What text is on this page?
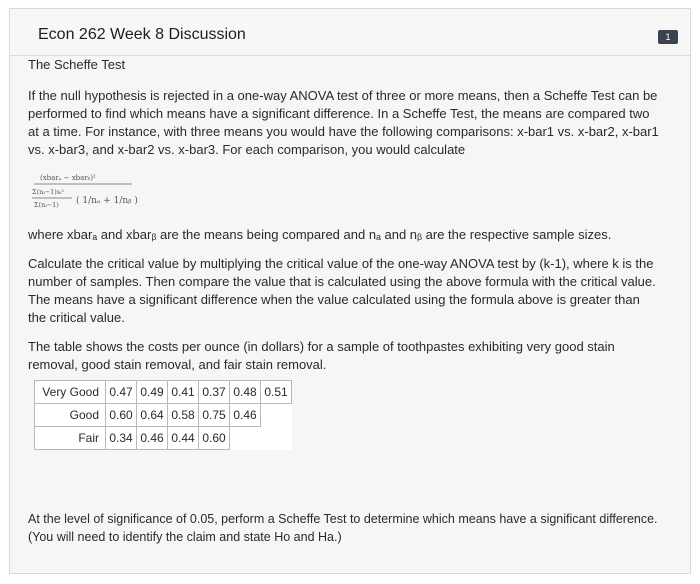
Econ 262 Week 8 Discussion	1
The Scheffe Test

If the null hypothesis is rejected in a one-way ANOVA test of three or more means, then a Scheffe Test can be performed to find which means have a significant difference. In a Scheffe Test, the means are compared two at a time. For instance, with three means you would have the following comparisons: x-bar1 vs. x-bar2, x-bar1 vs. x-bar3, and x-bar2 vs. x-bar3. For each comparison, you would calculate

(xbarₐ − xbarᵦ)²
Σ(nᵢ−1)sᵢ²
Σ(nᵢ−1) ( 1/nₐ + 1/nᵦ )

where xbarₐ and xbarᵦ are the means being compared and nₐ and nᵦ are the respective sample sizes.

Calculate the critical value by multiplying the critical value of the one-way ANOVA test by (k-1), where k is the number of samples. Then compare the value that is calculated using the above formula with the critical value. The means have a significant difference when the value calculated using the formula above is greater than the critical value.

The table shows the costs per ounce (in dollars) for a sample of toothpastes exhibiting very good stain removal, good stain removal, and fair stain removal.

Very Good	0.47	0.49	0.41	0.37	0.48	0.51
Good	0.60	0.64	0.58	0.75	0.46	
Fair	0.34	0.46	0.44	0.60		
At the level of significance of 0.05, perform a Scheffe Test to determine which means have a significant difference. (You will need to identify the claim and state Ho and Ha.)
